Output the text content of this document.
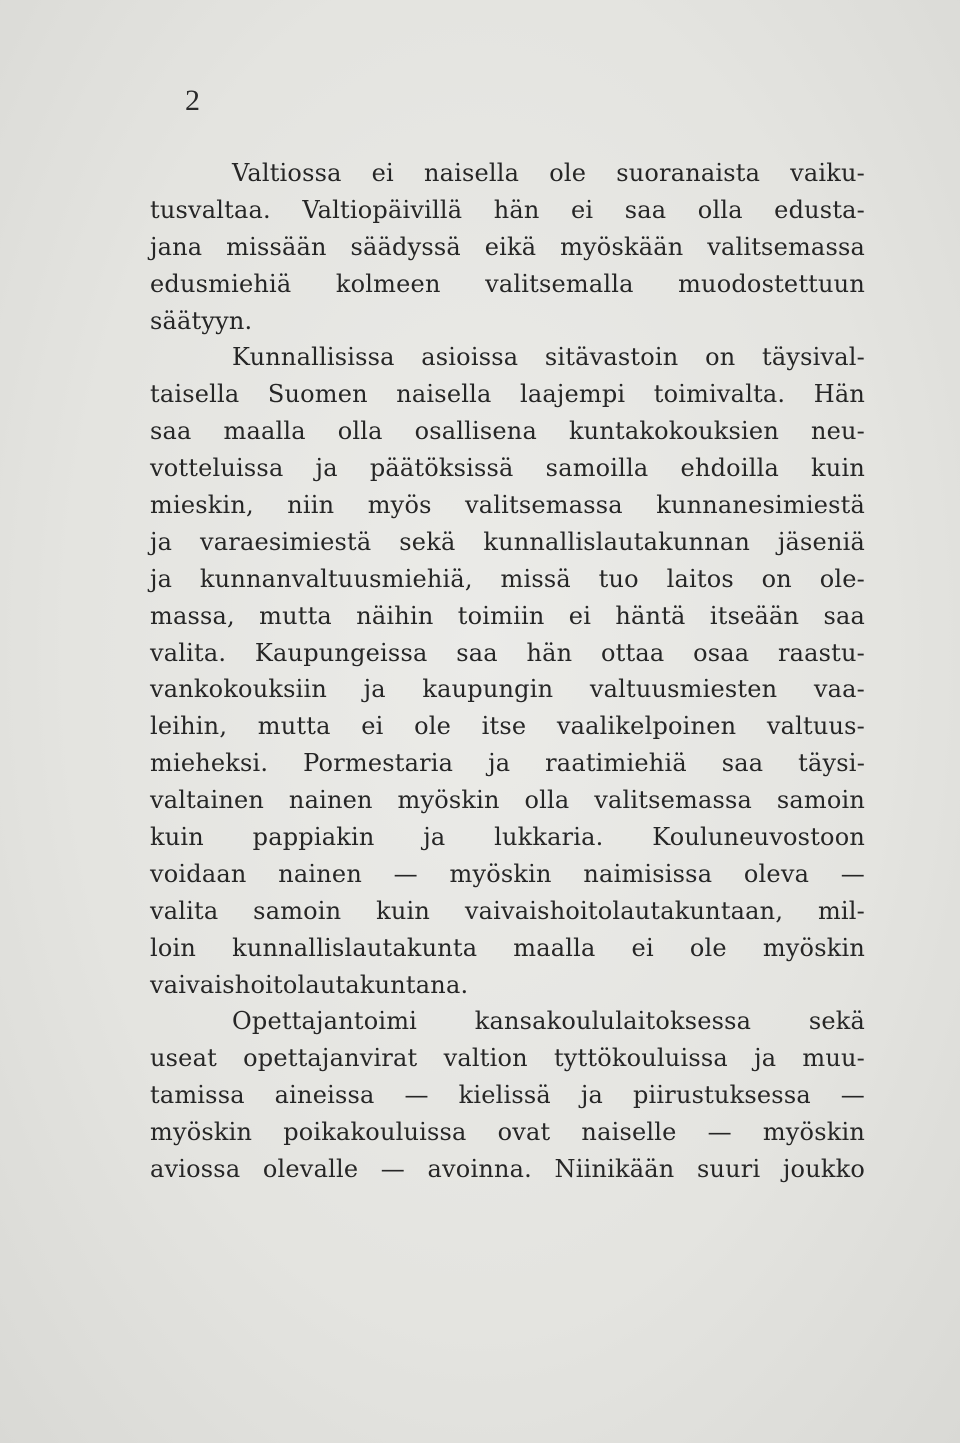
2
Valtiossa ei naisella ole suoranaista vaiku-
tusvaltaa. Valtiopäivillä hän ei saa olla edusta-
jana missään säädyssä eikä myöskään valitsemassa
edusmiehiä kolmeen valitsemalla muodostettuun
säätyyn.
Kunnallisissa asioissa sitävastoin on täysival-
taisella Suomen naisella laajempi toimivalta. Hän
saa maalla olla osallisena kuntakokouksien neu-
votteluissa ja päätöksissä samoilla ehdoilla kuin
mieskin, niin myös valitsemassa kunnanesimiestä
ja varaesimiestä sekä kunnallislautakunnan jäseniä
ja kunnanvaltuusmiehiä, missä tuo laitos on ole-
massa, mutta näihin toimiin ei häntä itseään saa
valita. Kaupungeissa saa hän ottaa osaa raastu-
vankokouksiin ja kaupungin valtuusmiesten vaa-
leihin, mutta ei ole itse vaalikelpoinen valtuus-
mieheksi. Pormestaria ja raatimiehiä saa täysi-
valtainen nainen myöskin olla valitsemassa samoin
kuin pappiakin ja lukkaria. Kouluneuvostoon
voidaan nainen — myöskin naimisissa oleva —
valita samoin kuin vaivaishoitolautakuntaan, mil-
loin kunnallislautakunta maalla ei ole myöskin
vaivaishoitolautakuntana.
Opettajantoimi kansakoululaitoksessa sekä
useat opettajanvirat valtion tyttökouluissa ja muu-
tamissa aineissa — kielissä ja piirustuksessa —
myöskin poikakouluissa ovat naiselle — myöskin
aviossa olevalle — avoinna. Niinikään suuri joukko
